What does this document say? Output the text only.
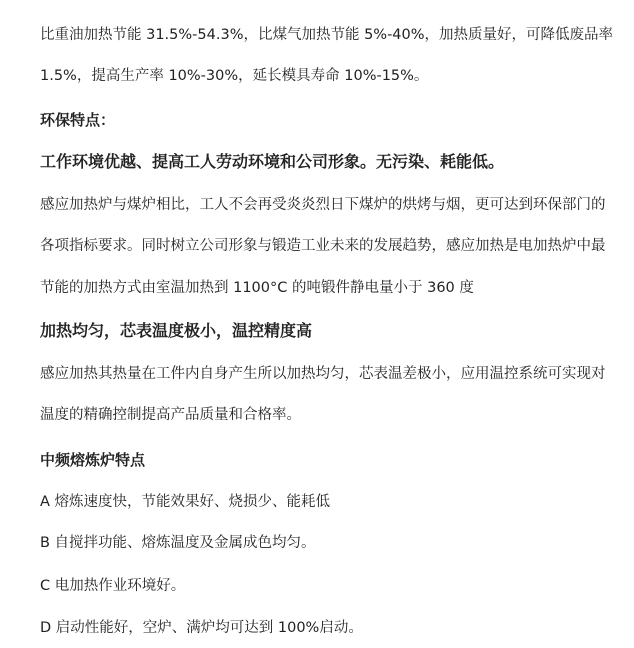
比重油加热节能 31.5%-54.3%，比煤气加热节能 5%-40%，加热质量好，可降低废品率
1.5%，提高生产率 10%-30%，延长模具寿命 10%-15%。
环保特点：
工作环境优越、提高工人劳动环境和公司形象。无污染、耗能低。
感应加热炉与煤炉相比，工人不会再受炎炎烈日下煤炉的烘烤与烟，更可达到环保部门的
各项指标要求。同时树立公司形象与锻造工业未来的发展趋势，感应加热是电加热炉中最
节能的加热方式由室温加热到 1100°C 的吨锻件静电量小于 360 度
加热均匀，芯表温度极小，温控精度高
感应加热其热量在工件内自身产生所以加热均匀，芯表温差极小，应用温控系统可实现对
温度的精确控制提高产品质量和合格率。
中频熔炼炉特点
A 熔炼速度快，节能效果好、烧损少、能耗低
B 自搅拌功能、熔炼温度及金属成色均匀。
C 电加热作业环境好。
D 启动性能好，空炉、满炉均可达到 100%启动。
